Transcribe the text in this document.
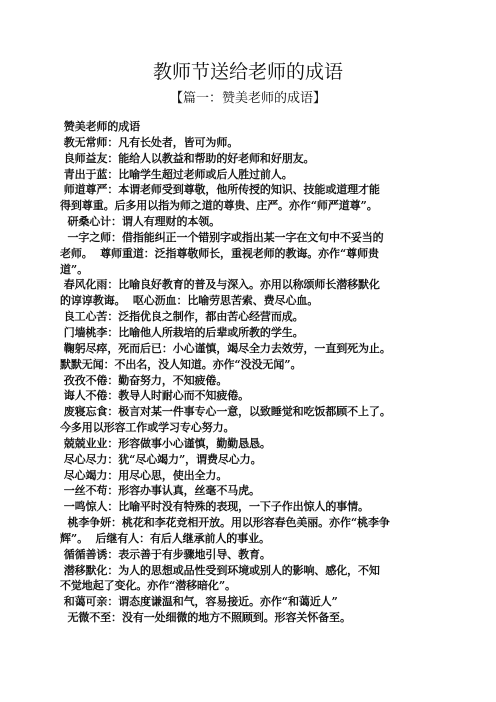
教师节送给老师的成语
【篇一：赞美老师的成语】
赞美老师的成语
教无常师：凡有长处者，皆可为师。
良师益友：能给人以教益和帮助的好老师和好朋友。
青出于蓝：比喻学生超过老师或后人胜过前人。
师道尊严：本谓老师受到尊敬，他所传授的知识、技能或道理才能
得到尊重。后多用以指为师之道的尊贵、庄严。亦作“师严道尊”。
研桑心计：谓人有理财的本领。
一字之师：借指能纠正一个错别字或指出某一字在文句中不妥当的
老师。  尊师重道：泛指尊敬师长，重视老师的教诲。亦作“尊师贵
道”。
春风化雨：比喻良好教育的普及与深入。亦用以称颂师长潜移默化
的谆谆教诲。  呕心沥血：比喻劳思苦索、费尽心血。
良工心苦：泛指优良之制作，都由苦心经营而成。
门墙桃李：比喻他人所栽培的后辈或所教的学生。
鞠躬尽瘁，死而后已：小心谨慎，竭尽全力去效劳，一直到死为止。
默默无闻：不出名，没人知道。亦作“没没无闻”。
孜孜不倦：勤奋努力，不知疲倦。
诲人不倦：教导人时耐心而不知疲倦。
废寝忘食：极言对某一件事专心一意，以致睡觉和吃饭都顾不上了。
今多用以形容工作或学习专心努力。
兢兢业业：形容做事小心谨慎，勤勤恳恳。
尽心尽力：犹“尽心竭力”，谓费尽心力。
尽心竭力：用尽心思，使出全力。
一丝不苟：形容办事认真，丝毫不马虎。
一鸣惊人：比喻平时没有特殊的表现，一下子作出惊人的事情。
桃李争妍：桃花和李花竞相开放。用以形容春色美丽。亦作“桃李争
辉”。  后继有人：有后人继承前人的事业。
循循善诱：表示善于有步骤地引导、教育。
潜移默化：为人的思想或品性受到环境或别人的影响、感化，不知
不觉地起了变化。亦作“潜移暗化”。
和蔼可亲：谓态度谦温和气，容易接近。亦作“和蔼近人”
无微不至：没有一处细微的地方不照顾到。形容关怀备至。
